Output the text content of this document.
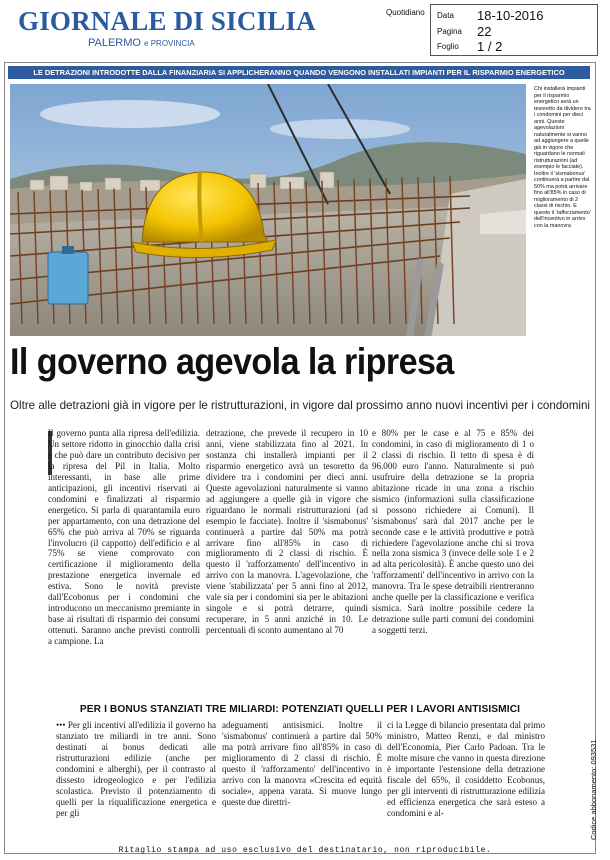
GIORNALE DI SICILIA
PALERMO e PROVINCIA
Quotidiano Data	18-10-2016
Pagina	22
Foglio	1 / 2
LE DETRAZIONI INTRODOTTE DALLA FINANZIARIA SI APPLICHERANNO QUANDO VENGONO INSTALLATI IMPIANTI PER IL RISPARMIO ENERGETICO
Chi installerà impianti per il risparmio energetico avrà un tesoretto da dividere tra i condomini per dieci anni. Queste agevolazioni naturalmente si vanno ad aggiungere a quelle già in vigore che riguardano le normali ristrutturazioni (ad esempio le facciate). Inoltre il 'sismabonus' continuerà a partire dal 50% ma potrà arrivare fino all'85% in caso di miglioramento di 2 classi di rischio. E questo il 'rafforzamento' dell'incentivo in arrivo con la manovra
Il governo agevola la ripresa
Oltre alle detrazioni già in vigore per le ristrutturazioni, in vigore dal prossimo anno nuovi incentivi per i condomini

Il governo punta alla ripresa dell'edilizia. Un settore ridotto in ginocchio dalla crisi e che può dare un contributo decisivo per la ripresa del Pil in Italia. Molto interessanti, in base alle prime anticipazioni, gli incentivi riservati ai condomini e finalizzati al risparmio energetico. Si parla di quarantamila euro per appartamento, con una detrazione del 65% che può arriva al 70% se riguarda l'involucro (il cappotto) dell'edificio e al 75% se viene comprovato con certificazione il miglioramento della prestazione energetica invernale ed estiva. Sono le novità previste dall'Ecobonus per i condomini che introducono un meccanismo premiante in base ai risultati di risparmio dei consumi ottenuti. Saranno anche previsti controlli a campione. La

detrazione, che prevede il recupero in 10 anni, viene stabilizzata fino al 2021. In sostanza chi installerà impianti per il risparmio energetico avrà un tesoretto da dividere tra i condomini per dieci anni. Queste agevolazioni naturalmente si vanno ad aggiungere a quelle già in vigore che riguardano le normali ristrutturazioni (ad esempio le facciate). Inoltre il 'sismabonus' continuerà a partire dal 50% ma potrà arrivare fino all'85% in caso di miglioramento di 2 classi di rischio. È questo il 'rafforzamento' dell'incentivo in arrivo con la manovra. L'agevolazione, che viene 'stabilizzata' per 5 anni fino al 2012, vale sia per i condomini sia per le abitazioni singole e si potrà detrarre, quindi recuperare, in 5 anni anziché in 10. Le percentuali di sconto aumentano al 70

e 80% per le case e al 75 e 85% dei condomini, in caso di miglioramento di 1 o 2 classi di rischio. Il tetto di spesa è di 96.000 euro l'anno. Naturalmente si può usufruire della detrazione se la propria abitazione ricade in una zona a rischio sismico (informazioni sulla classificazione si possono richiedere ai Comuni). Il 'sismabonus' sarà dal 2017 anche per le seconde case e le attività produttive e potrà richiedere l'agevolazione anche chi si trova nella zona sismica 3 (invece delle sole 1 e 2 ad alta pericolosità). È anche questo uno dei 'rafforzamenti' dell'incentivo in arrivo con la manovra. Tra le spese detraibili rientreranno anche quelle per la classificazione e verifica sismica. Sarà inoltre possibile cedere la detrazione sulle parti comuni dei condomini a soggetti terzi.

PER I BONUS STANZIATI TRE MILIARDI: POTENZIATI QUELLI PER I LAVORI ANTISISMICI

••• Per gli incentivi all'edilizia il governo ha stanziato tre miliardi in tre anni. Sono destinati ai bonus dedicati alle ristrutturazioni edilizie (anche per condomini e alberghi), per il contrasto al dissesto idrogeologico e per l'edilizia scolastica. Previsto il potenziamento di quelli per la riqualificazione energetica e per gli

adeguamenti antisismici. Inoltre il 'sismabonus' continuerà a partire dal 50% ma potrà arrivare fino all'85% in caso di miglioramento di 2 classi di rischio. È questo il 'rafforzamento' dell'incentivo in arrivo con la manovra «Crescita ed equità sociale», appena varata. Si muove lungo queste due direttri-

ci la Legge di bilancio presentata dal primo ministro, Matteo Renzi, e dal ministro dell'Economia, Pier Carlo Padoan. Tra le molte misure che vanno in questa direzione è importante l'estensione della detrazione fiscale del 65%, il cosiddetto Ecobonus, per gli interventi di ristrutturazione edilizia ed efficienza energetica che sarà esteso a condomini e al-

Ritaglio stampa ad uso esclusivo del destinatario, non riproducibile.
Codice abbonamento: 093531
